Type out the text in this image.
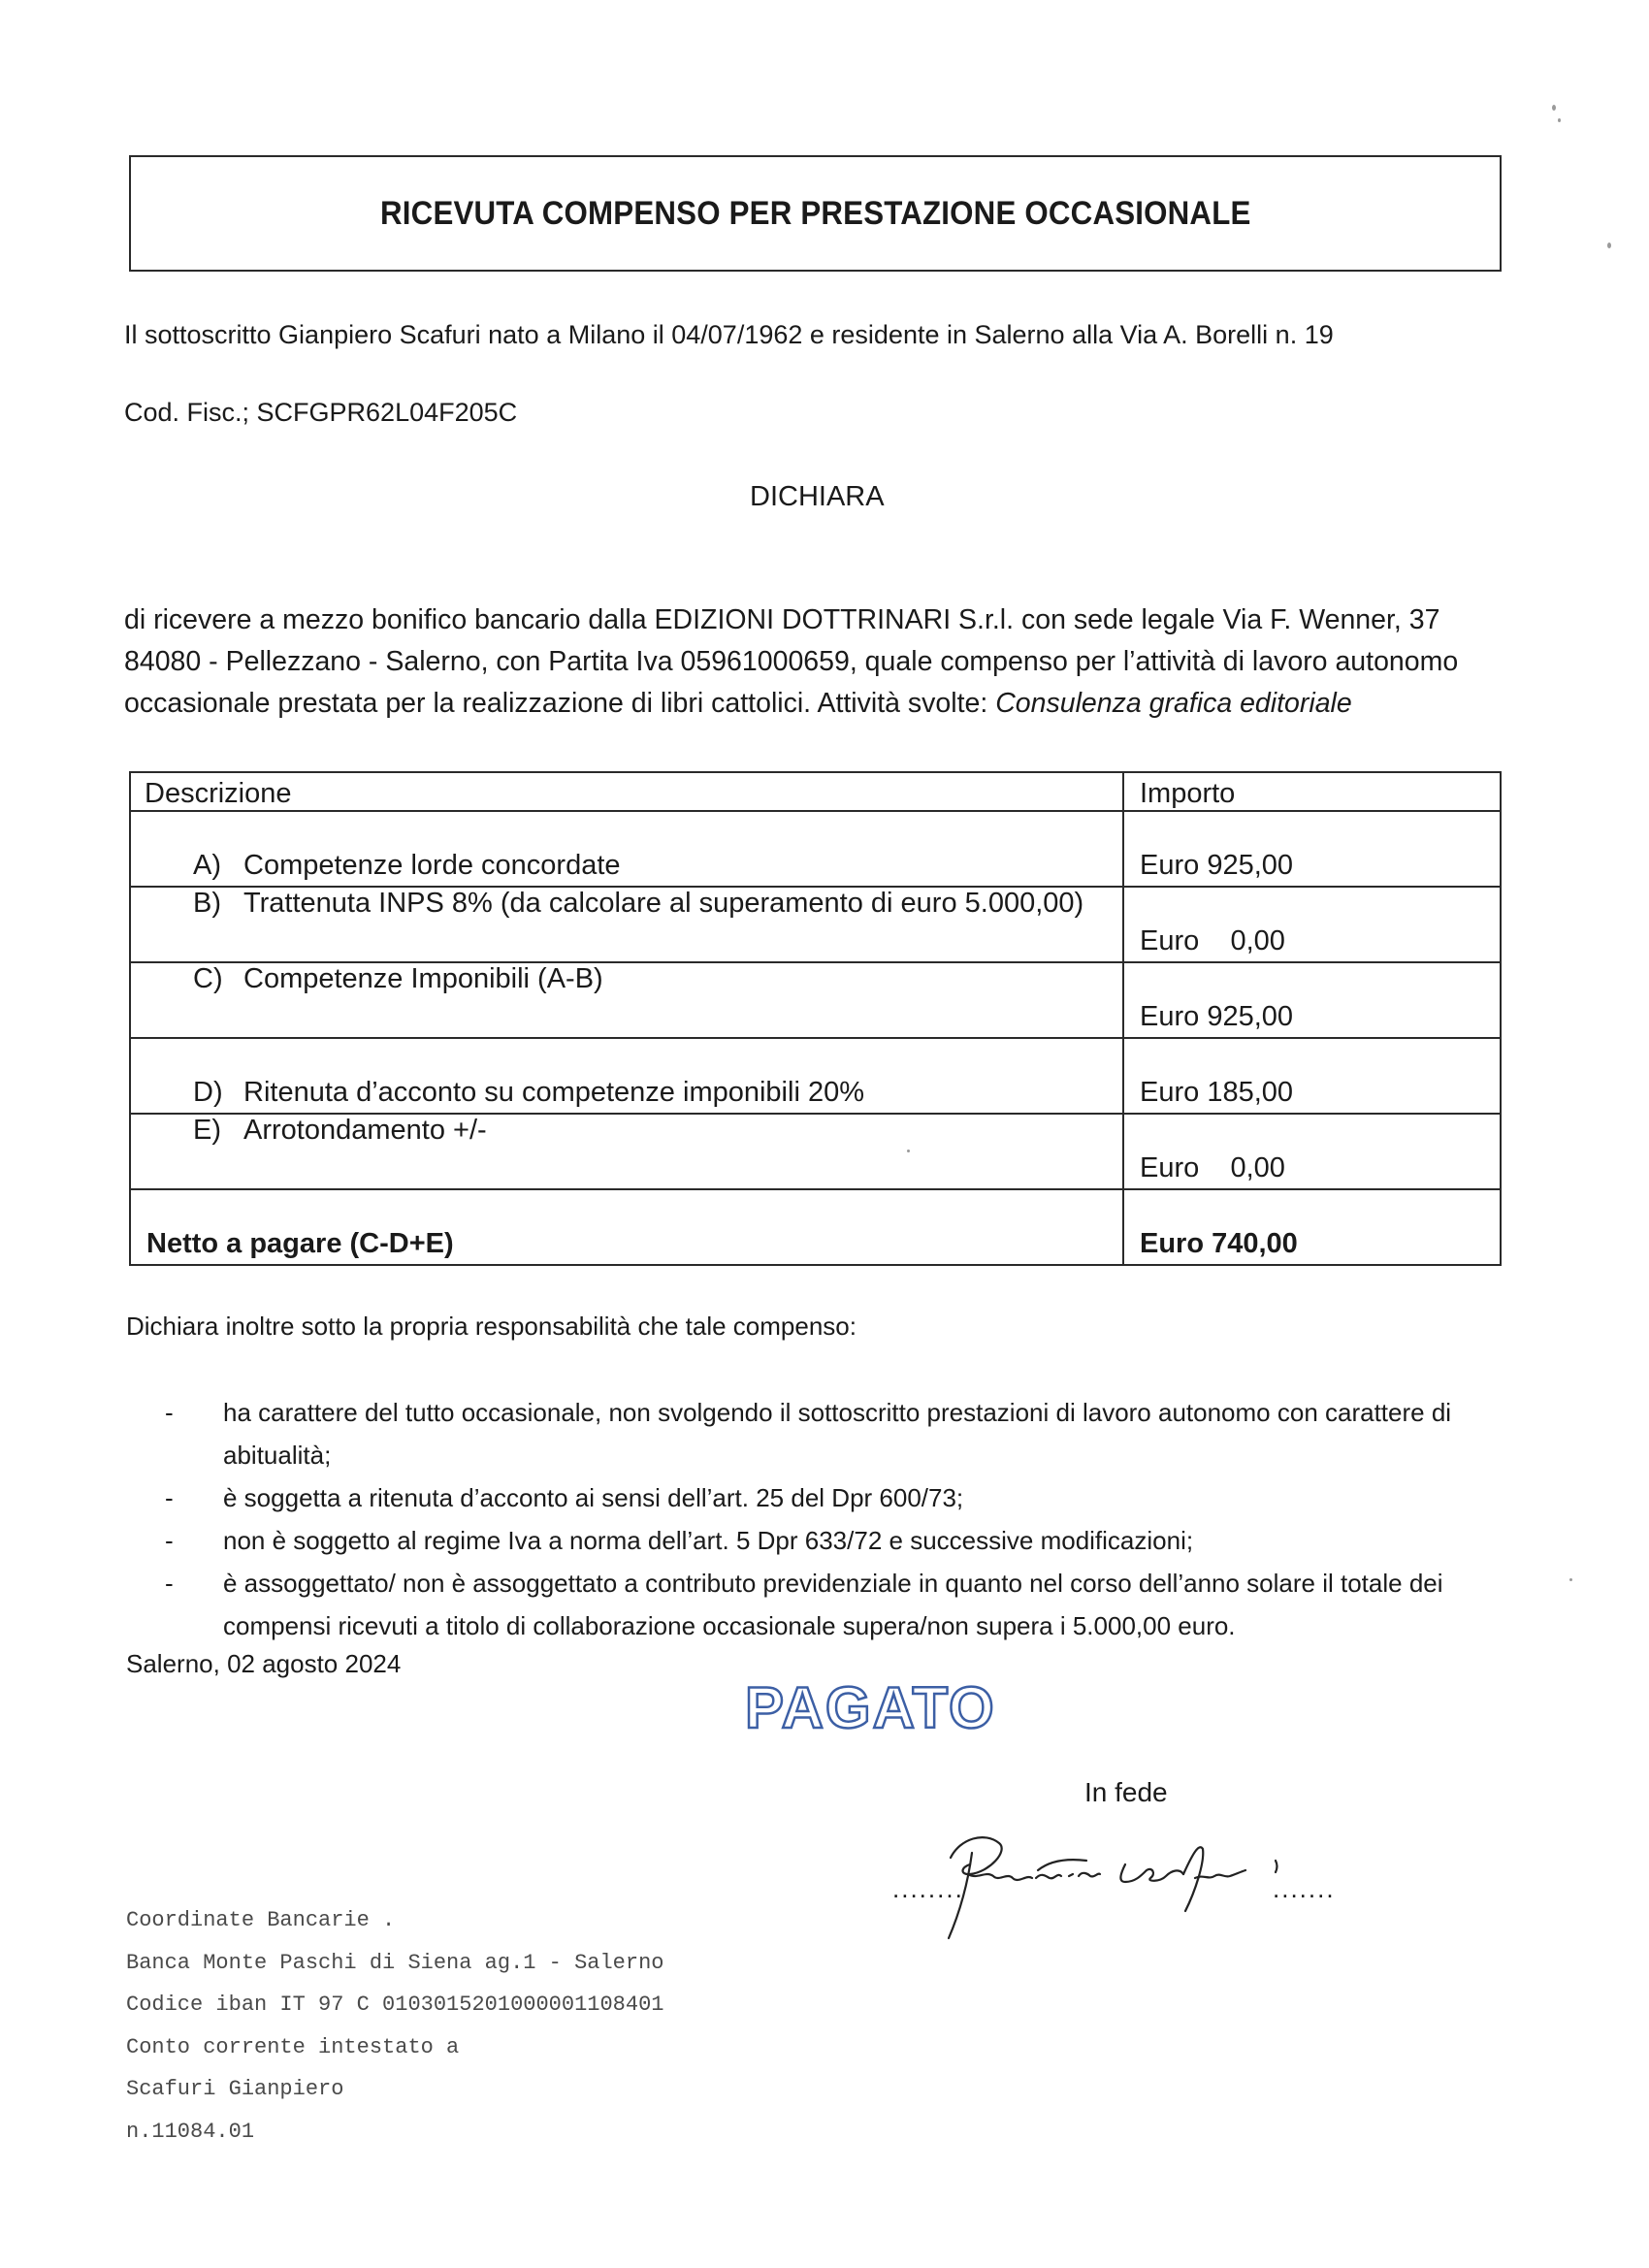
RICEVUTA COMPENSO PER PRESTAZIONE OCCASIONALE
Il sottoscritto Gianpiero Scafuri nato a Milano il 04/07/1962 e residente in Salerno alla Via A. Borelli n. 19
Cod. Fisc.; SCFGPR62L04F205C
DICHIARA

di ricevere a mezzo bonifico bancario dalla EDIZIONI DOTTRINARI S.r.l. con sede legale Via F. Wenner, 37 84080 - Pellezzano - Salerno, con Partita Iva 05961000659, quale compenso per l’attività di lavoro autonomo occasionale prestata per la realizzazione di libri cattolici. Attività svolte: Consulenza grafica editoriale

Descrizione	Importo

A) Competenze lorde concordate	Euro 925,00

B) Trattenuta INPS 8% (da calcolare al superamento di euro 5.000,00)	Euro    0,00

C) Competenze Imponibili (A-B)	Euro 925,00

D) Ritenuta d’acconto su competenze imponibili 20%	Euro 185,00

E) Arrotondamento +/-	Euro    0,00

Netto a pagare (C-D+E)	Euro 740,00
Dichiara inoltre sotto la propria responsabilità che tale compenso:
-	ha carattere del tutto occasionale, non svolgendo il sottoscritto prestazioni di lavoro autonomo con carattere di abitualità;
-	è soggetta a ritenuta d’acconto ai sensi dell’art. 25 del Dpr 600/73;
-	non è soggetto al regime Iva a norma dell’art. 5 Dpr 633/72 e successive modificazioni;
-	è assoggettato/ non è assoggettato a contributo previdenziale in quanto nel corso dell’anno solare il totale dei compensi ricevuti a titolo di collaborazione occasionale supera/non supera i 5.000,00 euro.
Salerno, 02 agosto 2024
PAGATO
In fede
........	.......
Coordinate Bancarie .
Banca Monte Paschi di Siena ag.1 - Salerno
Codice iban IT 97 C 0103015201000001108401
Conto corrente intestato a
Scafuri Gianpiero
n.11084.01
